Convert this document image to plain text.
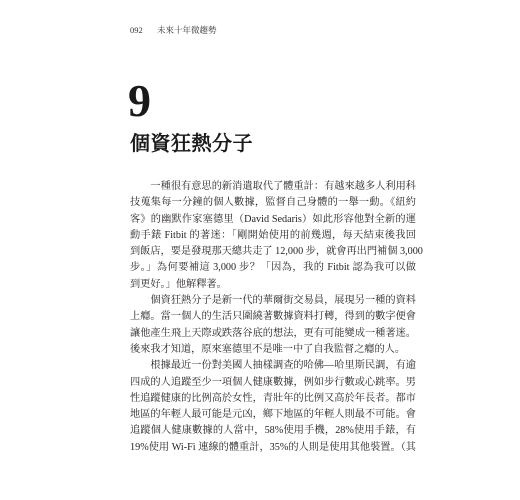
092 未來十年微趨勢
9
個資狂熱分子
一種很有意思的新消遣取代了體重計：有越來越多人利用科
技蒐集每一分鐘的個人數據，監督自己身體的一舉一動。《紐約
客》的幽默作家塞德里（David Sedaris）如此形容他對全新的運
動手錶 Fitbit 的著迷：「剛開始使用的前幾週，每天結束後我回
到飯店，要是發現那天總共走了 12,000 步，就會再出門補個 3,000
步。」為何要補這 3,000 步？「因為，我的 Fitbit 認為我可以做
到更好。」他解釋著。
個資狂熱分子是新一代的華爾街交易員，展現另一種的資料
上癮。當一個人的生活只圍繞著數據資料打轉，得到的數字便會
讓他產生飛上天際或跌落谷底的想法，更有可能變成一種著迷。
後來我才知道，原來塞德里不是唯一中了自我監督之癮的人。
根據最近一份對美國人抽樣調查的哈佛—哈里斯民調，有逾
四成的人追蹤至少一項個人健康數據，例如步行數或心跳率。男
性追蹤健康的比例高於女性，青壯年的比例又高於年長者。都市
地區的年輕人最可能是元凶，鄉下地區的年輕人則最不可能。會
追蹤個人健康數據的人當中，58%使用手機，28%使用手錶，有
19%使用 Wi-Fi 連線的體重計，35%的人則是使用其他裝置。（其
